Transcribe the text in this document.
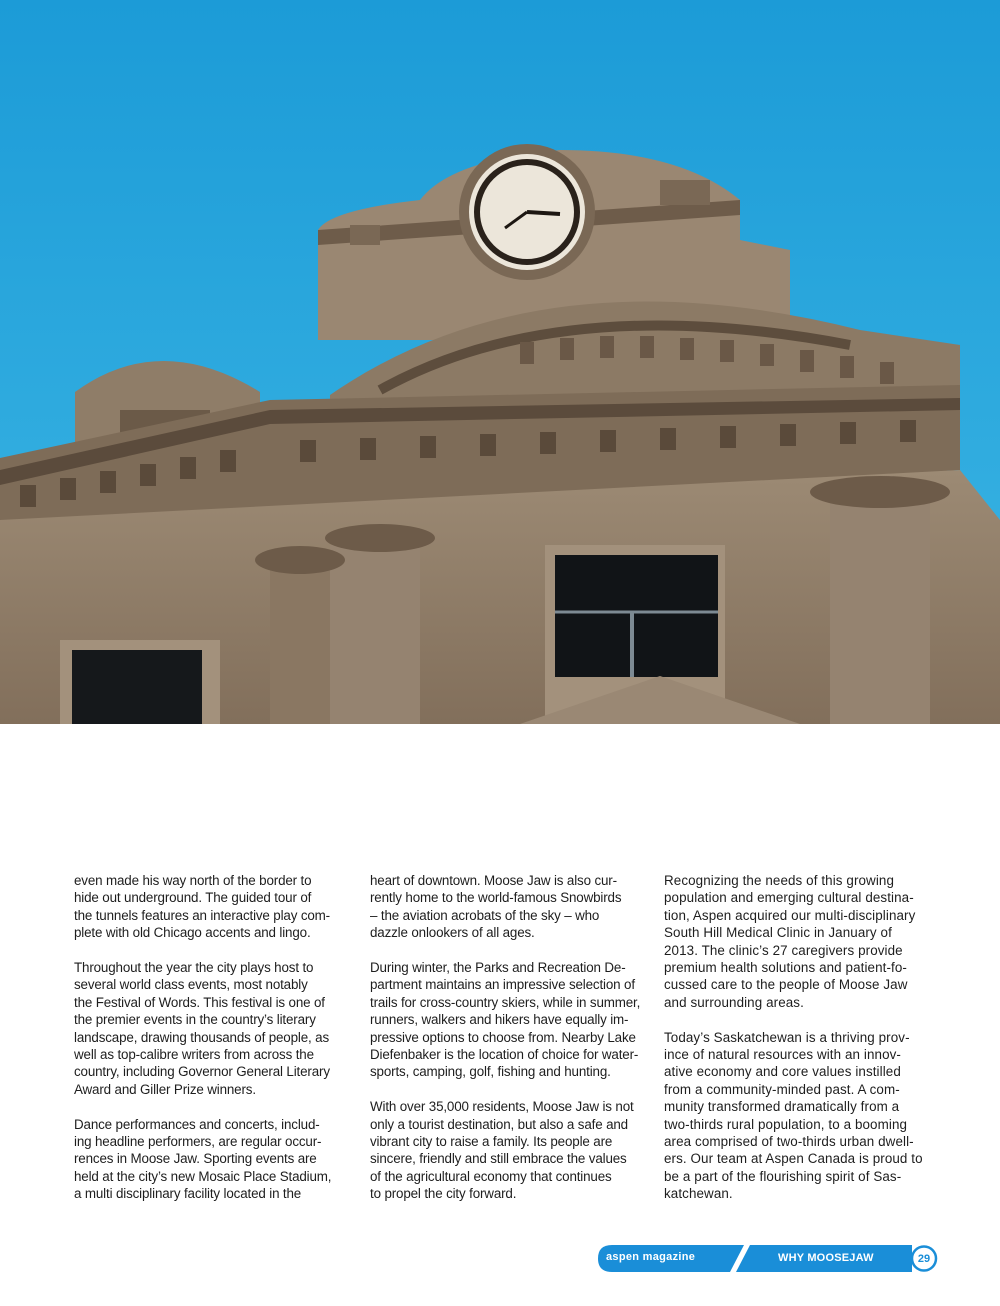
even made his way north of the border to
hide out underground. The guided tour of
the tunnels features an interactive play com-
plete with old Chicago accents and lingo.

Throughout the year the city plays host to
several world class events, most notably
the Festival of Words. This festival is one of
the premier events in the country’s literary
landscape, drawing thousands of people, as
well as top-calibre writers from across the
country, including Governor General Literary
Award and Giller Prize winners.

Dance performances and concerts, includ-
ing headline performers, are regular occur-
rences in Moose Jaw. Sporting events are
held at the city’s new Mosaic Place Stadium,
a multi disciplinary facility located in the

heart of downtown. Moose Jaw is also cur-
rently home to the world-famous Snowbirds
– the aviation acrobats of the sky – who
dazzle onlookers of all ages.

During winter, the Parks and Recreation De-
partment maintains an impressive selection of
trails for cross-country skiers, while in summer,
runners, walkers and hikers have equally im-
pressive options to choose from. Nearby Lake
Diefenbaker is the location of choice for water-
sports, camping, golf, fishing and hunting.

With over 35,000 residents, Moose Jaw is not
only a tourist destination, but also a safe and
vibrant city to raise a family. Its people are
sincere, friendly and still embrace the values
of the agricultural economy that continues
to propel the city forward.

Recognizing the needs of this growing
population and emerging cultural destina-
tion, Aspen acquired our multi-disciplinary
South Hill Medical Clinic in January of
2013. The clinic’s 27 caregivers provide
premium health solutions and patient-fo-
cussed care to the people of Moose Jaw
and surrounding areas.

Today’s Saskatchewan is a thriving prov-
ince of natural resources with an innov-
ative economy and core values instilled
from a community-minded past. A com-
munity transformed dramatically from a
two-thirds rural population, to a booming
area comprised of two-thirds urban dwell-
ers. Our team at Aspen Canada is proud to
be a part of the flourishing spirit of Sas-
katchewan.

aspen magazine	WHY MOOSEJAW	29
